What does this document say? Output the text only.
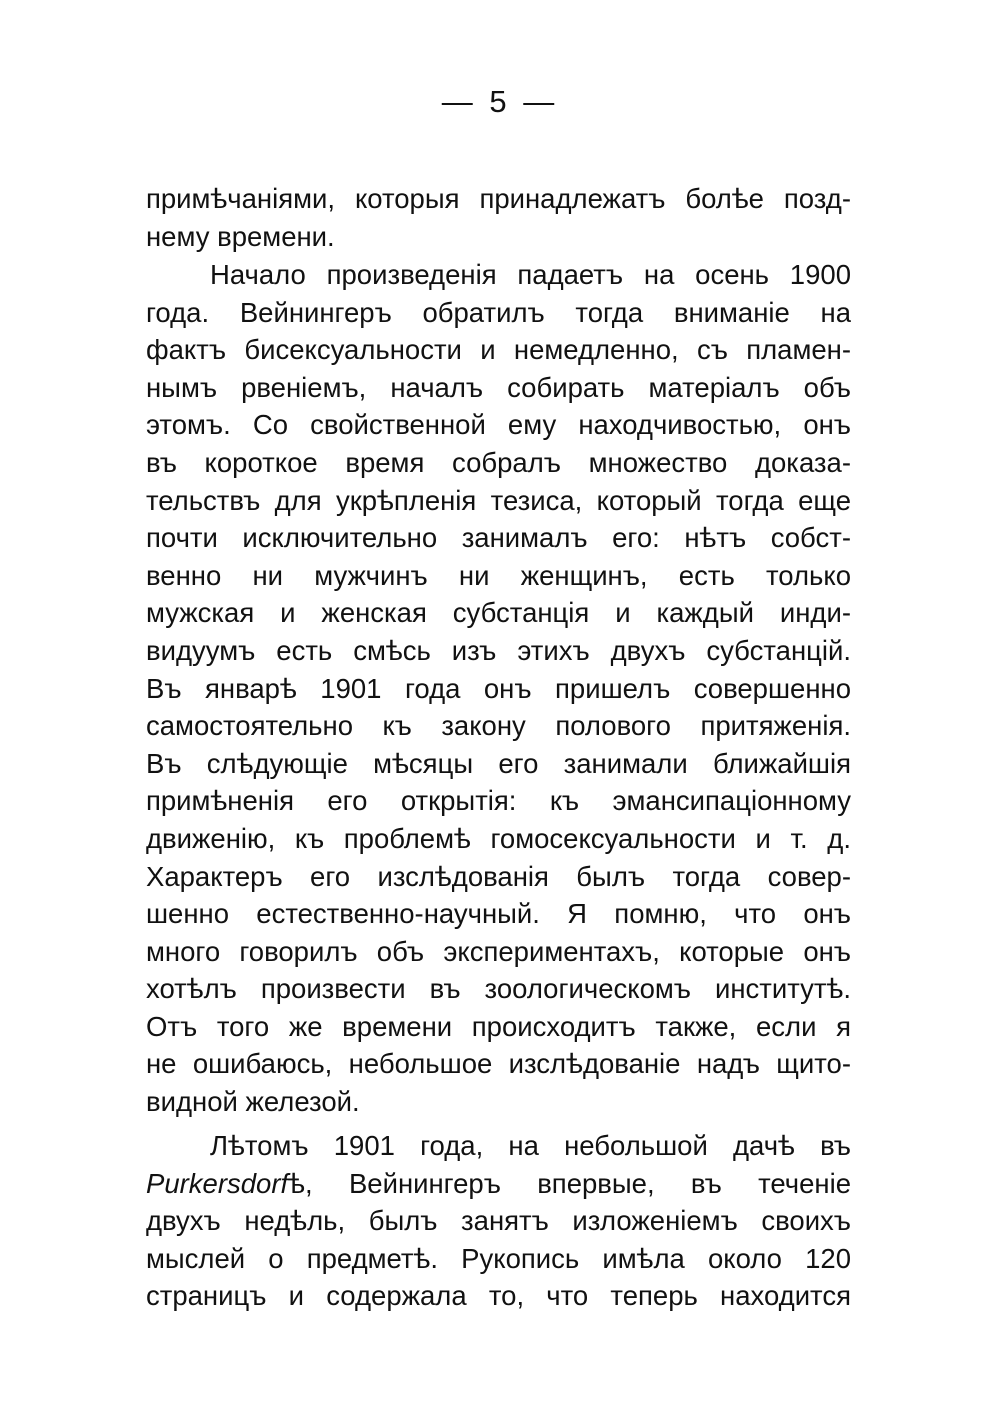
— 5 —
примѣчаніями, которыя принадлежатъ болѣе позд-
нему времени.
Начало произведенія падаетъ на осень 1900
года. Вейнингеръ обратилъ тогда вниманіе на
фактъ бисексуальности и немедленно, съ пламен-
нымъ рвеніемъ, началъ собирать матеріалъ объ
этомъ. Со свойственной ему находчивостью, онъ
въ короткое время собралъ множество доказа-
тельствъ для укрѣпленія тезиса, который тогда еще
почти исключительно занималъ его: нѣтъ собст-
венно ни мужчинъ ни женщинъ, есть только
мужская и женская субстанція и каждый инди-
видуумъ есть смѣсь изъ этихъ двухъ субстанцій.
Въ январѣ 1901 года онъ пришелъ совершенно
самостоятельно къ закону полового притяженія.
Въ слѣдующіе мѣсяцы его занимали ближайшія
примѣненія его открытія: къ эмансипаціонному
движенію, къ проблемѣ гомосексуальности и т. д.
Характеръ его изслѣдованія былъ тогда совер-
шенно естественно-научный. Я помню, что онъ
много говорилъ объ экспериментахъ, которые онъ
хотѣлъ произвести въ зоологическомъ институтѣ.
Отъ того же времени происходитъ также, если я
не ошибаюсь, небольшое изслѣдованіе надъ щито-
видной железой.
Лѣтомъ 1901 года, на небольшой дачѣ въ
Purkersdorfѣ, Вейнингеръ впервые, въ теченіе
двухъ недѣль, былъ занятъ изложеніемъ своихъ
мыслей о предметѣ. Рукопись имѣла около 120
страницъ и содержала то, что теперь находится
